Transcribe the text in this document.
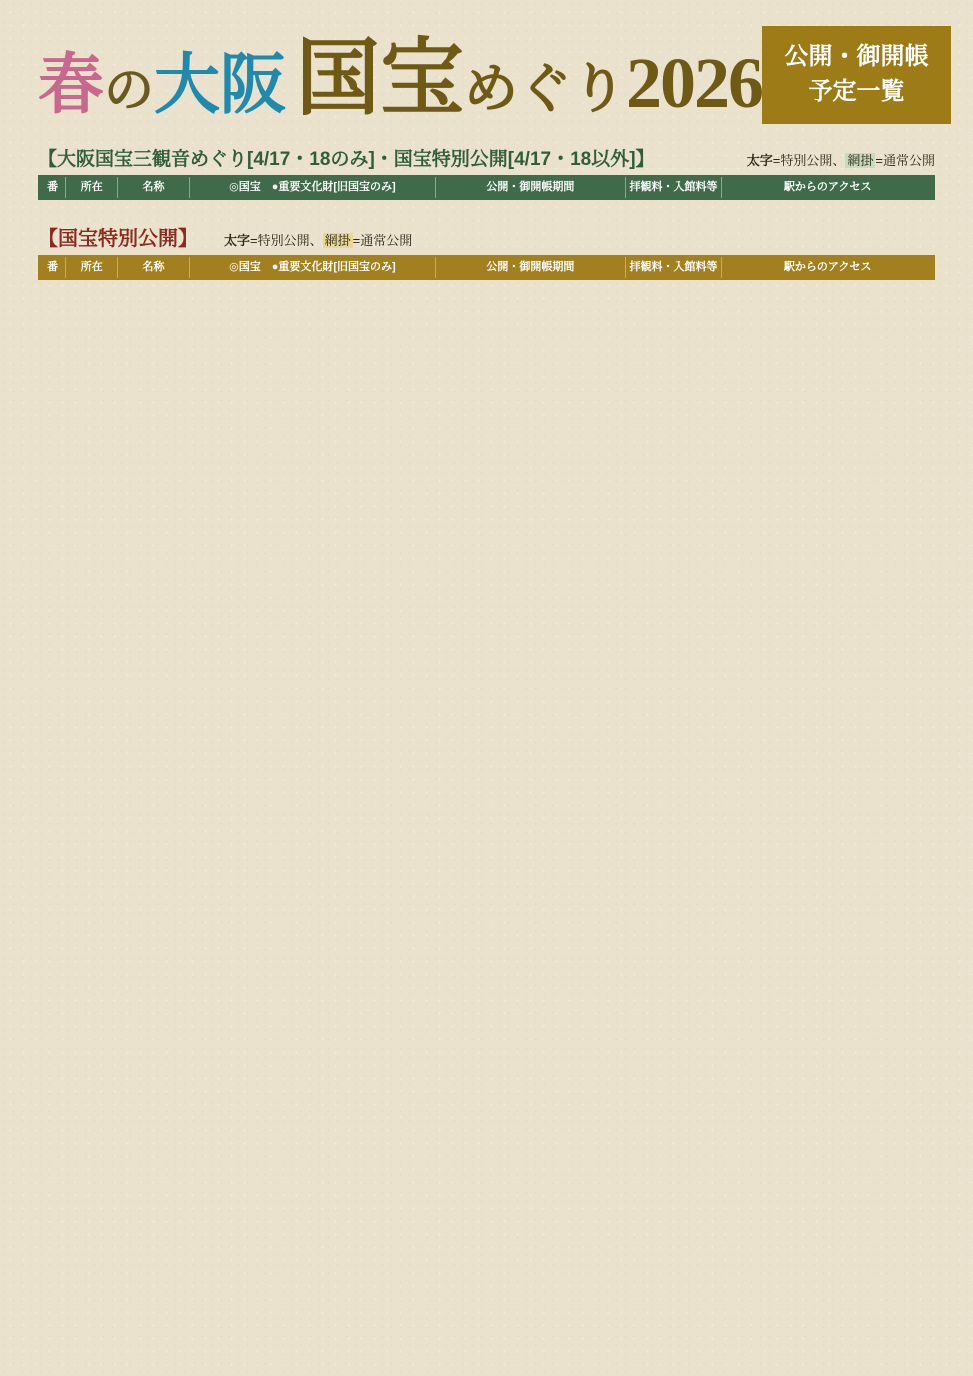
春の大阪 国宝めぐり2026 公開・御開帳
予定一覧
【大阪国宝三観音めぐり[4/17・18のみ]・国宝特別公開[4/17・18以外]】	太字=特別公開、 網掛 =通常公開
番	所在	名称	◎国宝　●重要文化財[旧国宝のみ]	公開・御開帳期間	拝観料・入館料等	駅からのアクセス
【国宝特別公開】 太字=特別公開、 網掛 =通常公開
番	所在	名称	◎国宝　●重要文化財[旧国宝のみ]	公開・御開帳期間	拝観料・入館料等	駅からのアクセス
